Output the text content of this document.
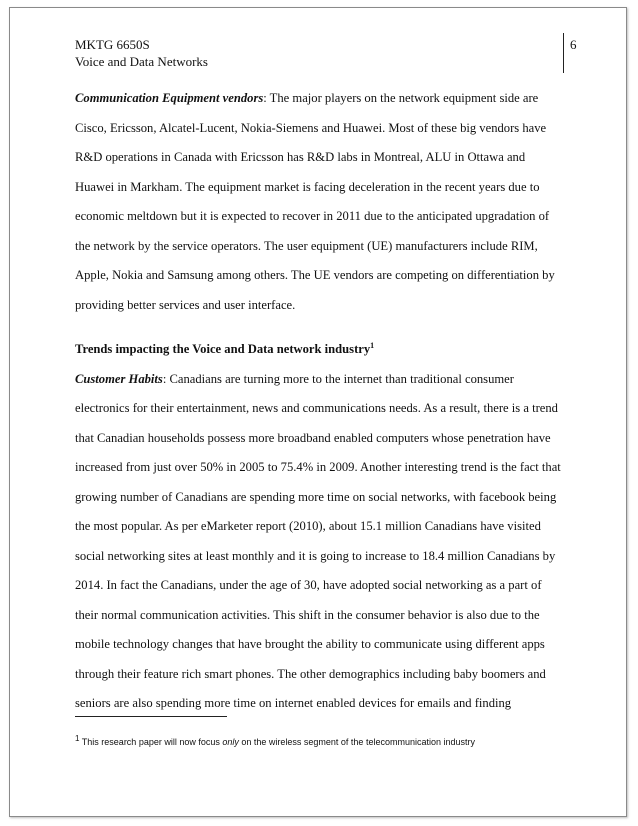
MKTG 6650S
Voice and Data Networks
6

Communication Equipment vendors: The major players on the network equipment side are

Cisco, Ericsson, Alcatel-Lucent, Nokia-Siemens and Huawei. Most of these big vendors have

R&D operations in Canada with Ericsson has R&D labs in Montreal, ALU in Ottawa and

Huawei in Markham. The equipment market is facing deceleration in the recent years due to

economic meltdown but it is expected to recover in 2011 due to the anticipated upgradation of

the network by the service operators. The user equipment (UE) manufacturers include RIM,

Apple, Nokia and Samsung among others. The UE vendors are competing on differentiation by

providing better services and user interface.

Trends impacting the Voice and Data network industry$^1$

Customer Habits: Canadians are turning more to the internet than traditional consumer

electronics for their entertainment, news and communications needs. As a result, there is a trend

that Canadian households possess more broadband enabled computers whose penetration have

increased from just over 50% in 2005 to 75.4% in 2009. Another interesting trend is the fact that

growing number of Canadians are spending more time on social networks, with facebook being

the most popular. As per eMarketer report (2010), about 15.1 million Canadians have visited

social networking sites at least monthly and it is going to increase to 18.4 million Canadians by

2014. In fact the Canadians, under the age of 30, have adopted social networking as a part of

their normal communication activities. This shift in the consumer behavior is also due to the

mobile technology changes that have brought the ability to communicate using different apps

through their feature rich smart phones. The other demographics including baby boomers and

seniors are also spending more time on internet enabled devices for emails and finding

$^1$ This research paper will now focus only on the wireless segment of the telecommunication industry
